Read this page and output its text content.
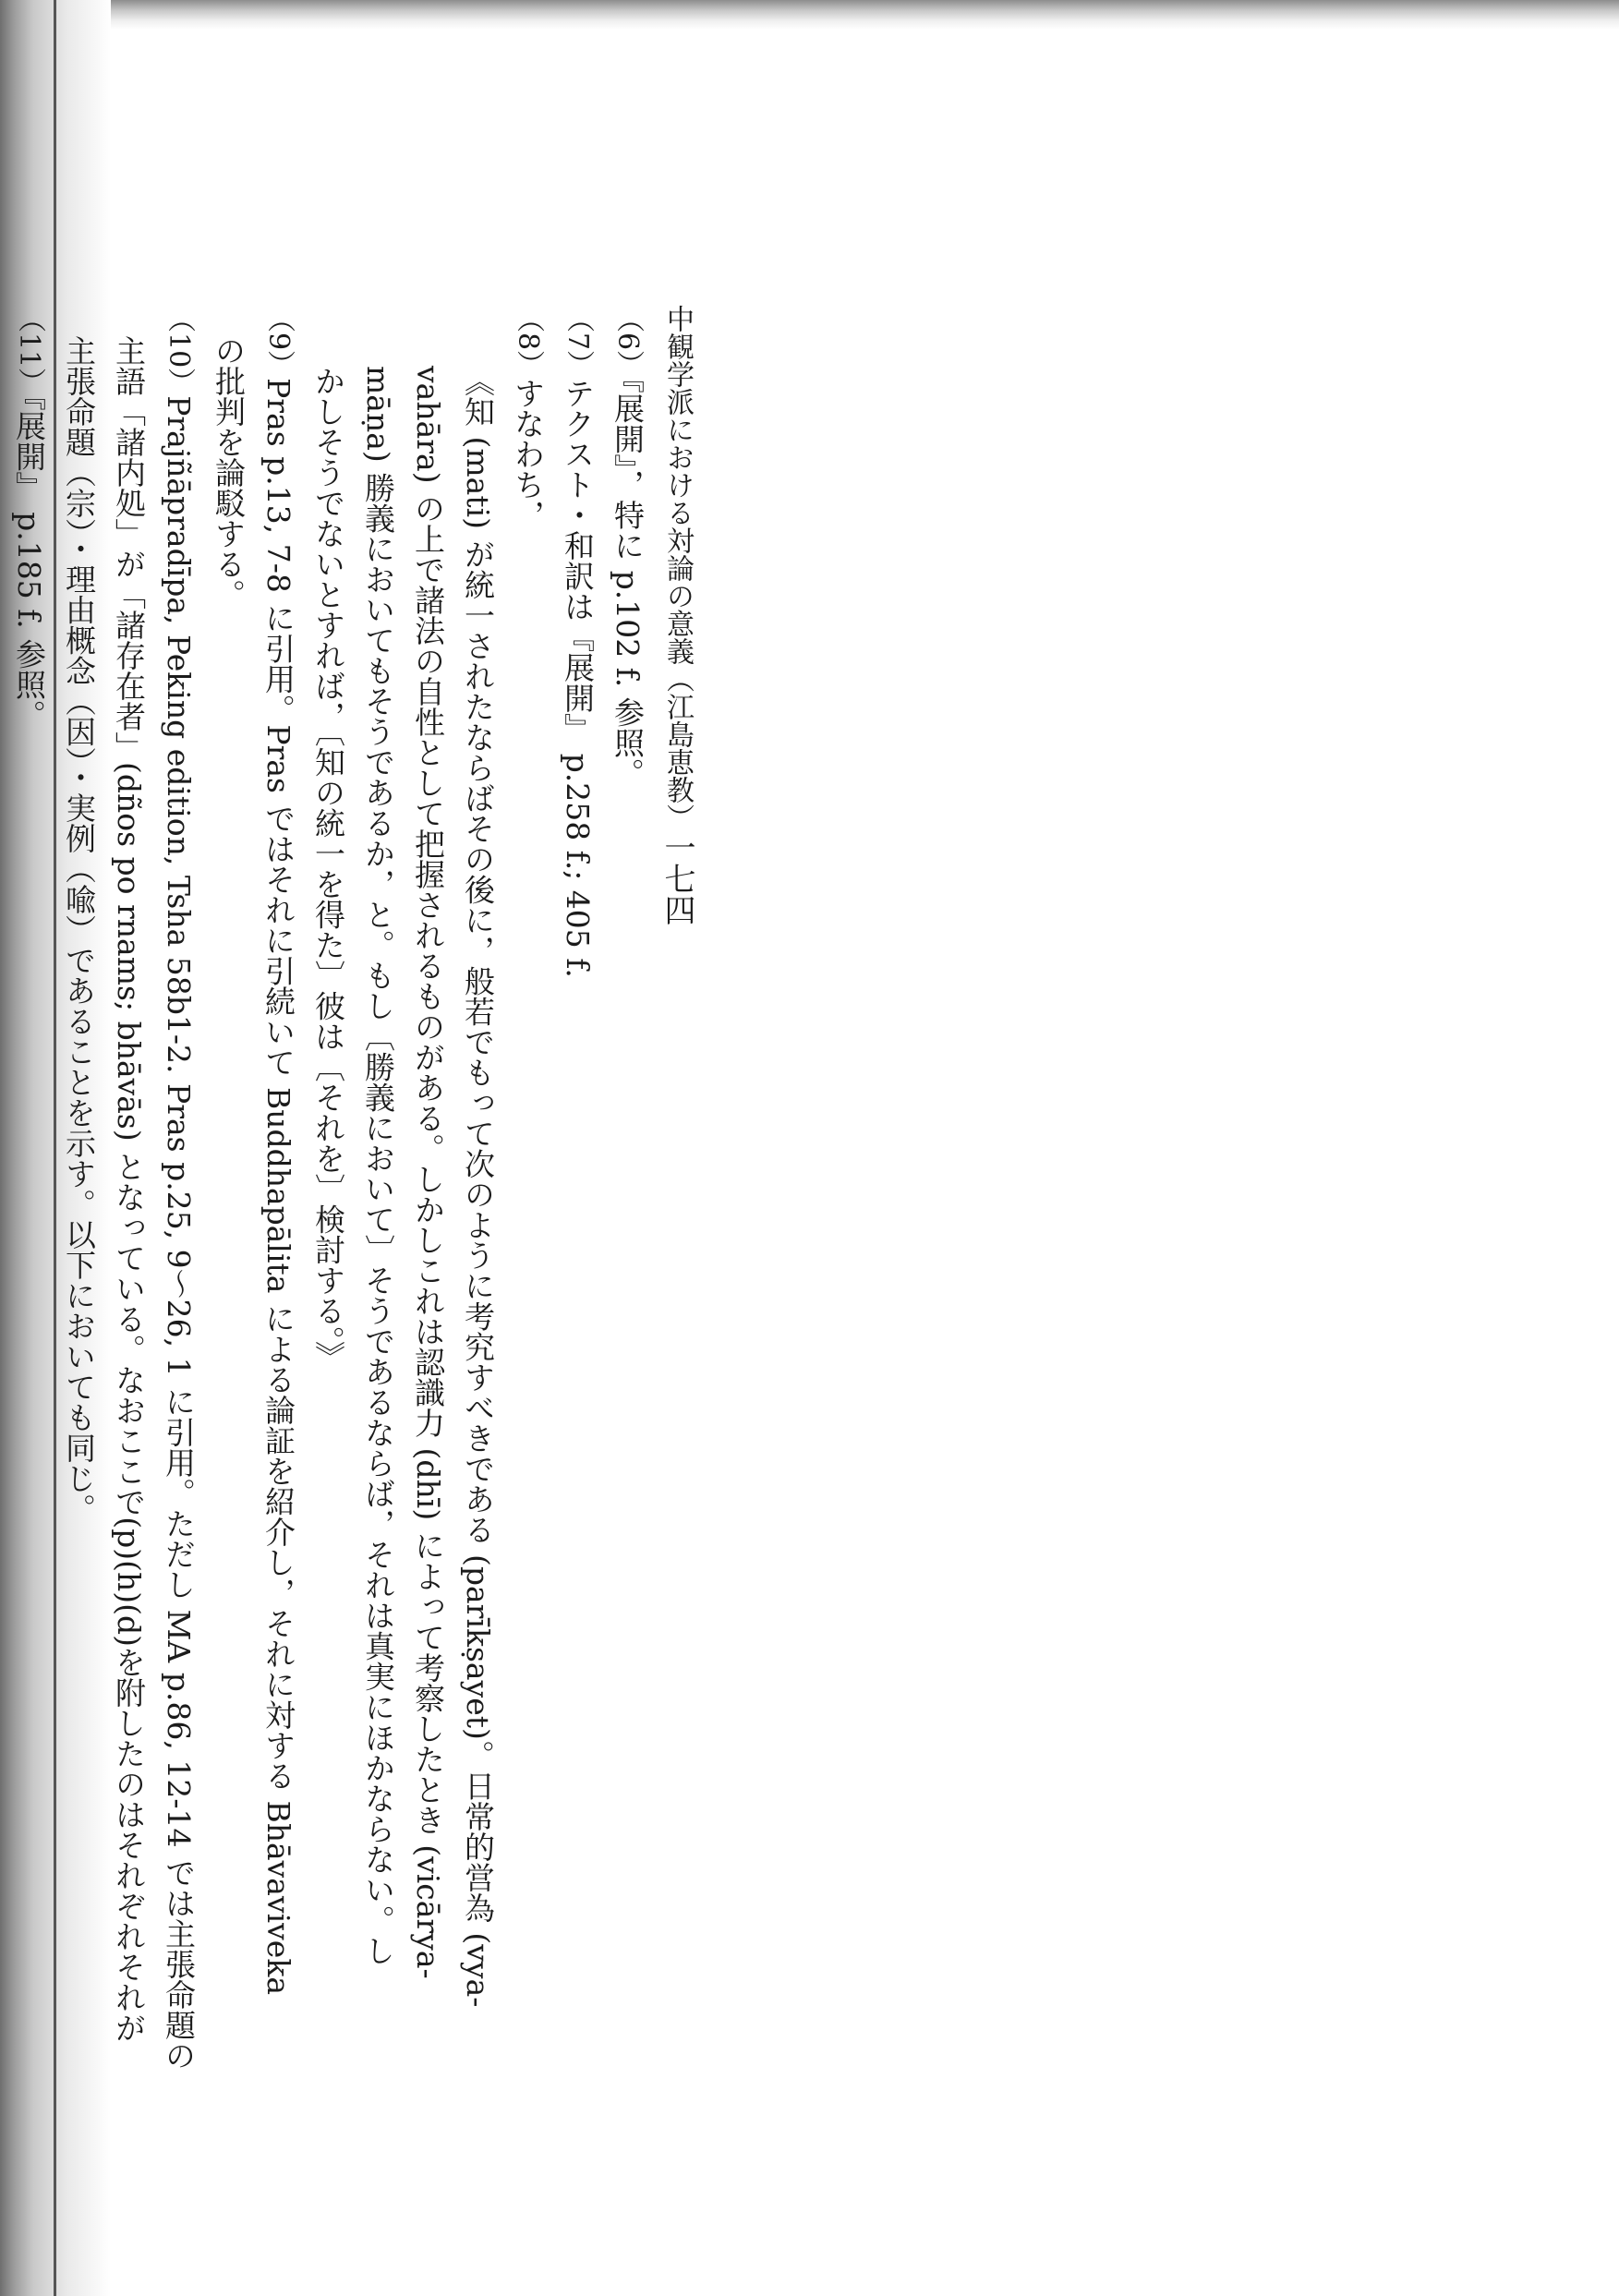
中観学派における対論の意義（江島恵教）一七四
（6）『展開』，特に p.102 f. 参照。
（7）テクスト・和訳は『展開』 p.258 f.; 405 f.
（8）すなわち，
《知 (mati) が統一されたならばその後に，般若でもって次のように考究すべきである (parīkṣayet)。日常的営為 (vya-
vahāra) の上で諸法の自性として把握されるものがある。しかしこれは認識力 (dhī) によって考察したとき (vicārya-
māṇa) 勝義においてもそうであるか，と。もし〔勝義において〕そうであるならば，それは真実にほかならない。し
かしそうでないとすれば，〔知の統一を得た〕彼は〔それを〕検討する。》
（9）Pras p.13, 7-8 に引用。Pras ではそれに引続いて Buddhapālita による論証を紹介し，それに対する Bhāvaviveka
の批判を論駁する。
（10）Prajñāpradīpa, Peking edition, Tsha 58b1-2. Pras p.25, 9～26, 1 に引用。ただし MA p.86, 12-14 では主張命題の
主語「諸内処」が「諸存在者」(dños po rnams; bhāvās) となっている。なおここで(p)(h)(d)を附したのはそれぞれそれが
主張命題（宗）・理由概念（因）・実例（喩）であることを示す。以下においても同じ。
（11）『展開』 p.185 f. 参照。
